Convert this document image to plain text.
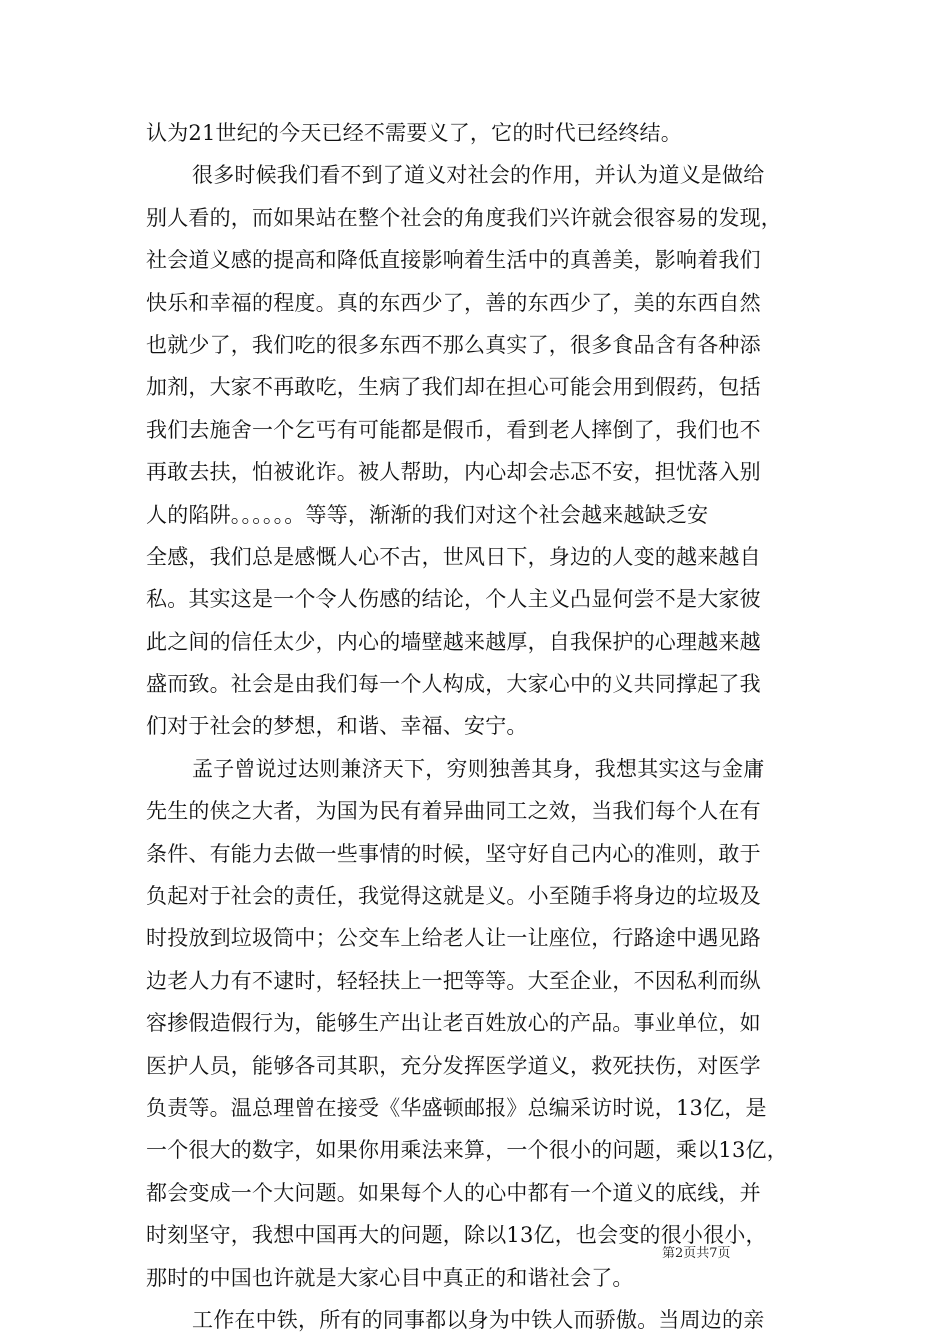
认为21世纪的今天已经不需要义了，它的时代已经终结。
很多时候我们看不到了道义对社会的作用，并认为道义是做给
别人看的，而如果站在整个社会的角度我们兴许就会很容易的发现，
社会道义感的提高和降低直接影响着生活中的真善美，影响着我们
快乐和幸福的程度。真的东西少了，善的东西少了，美的东西自然
也就少了，我们吃的很多东西不那么真实了，很多食品含有各种添
加剂，大家不再敢吃，生病了我们却在担心可能会用到假药，包括
我们去施舍一个乞丐有可能都是假币，看到老人摔倒了，我们也不
再敢去扶，怕被讹诈。被人帮助，内心却会忐忑不安，担忧落入别
人的陷阱。。。。。。等等，渐渐的我们对这个社会越来越缺乏安
全感，我们总是感慨人心不古，世风日下，身边的人变的越来越自
私。其实这是一个令人伤感的结论，个人主义凸显何尝不是大家彼
此之间的信任太少，内心的墙壁越来越厚，自我保护的心理越来越
盛而致。社会是由我们每一个人构成，大家心中的义共同撑起了我
们对于社会的梦想，和谐、幸福、安宁。
孟子曾说过达则兼济天下，穷则独善其身，我想其实这与金庸
先生的侠之大者，为国为民有着异曲同工之效，当我们每个人在有
条件、有能力去做一些事情的时候，坚守好自己内心的准则，敢于
负起对于社会的责任，我觉得这就是义。小至随手将身边的垃圾及
时投放到垃圾筒中；公交车上给老人让一让座位，行路途中遇见路
边老人力有不逮时，轻轻扶上一把等等。大至企业，不因私利而纵
容掺假造假行为，能够生产出让老百姓放心的产品。事业单位，如
医护人员，能够各司其职，充分发挥医学道义，救死扶伤，对医学
负责等。温总理曾在接受《华盛顿邮报》总编采访时说，13亿，是
一个很大的数字，如果你用乘法来算，一个很小的问题，乘以13亿，
都会变成一个大问题。如果每个人的心中都有一个道义的底线，并
时刻坚守，我想中国再大的问题，除以13亿，也会变的很小很小，
那时的中国也许就是大家心目中真正的和谐社会了。
工作在中铁，所有的同事都以身为中铁人而骄傲。当周边的亲
第2页共7页
